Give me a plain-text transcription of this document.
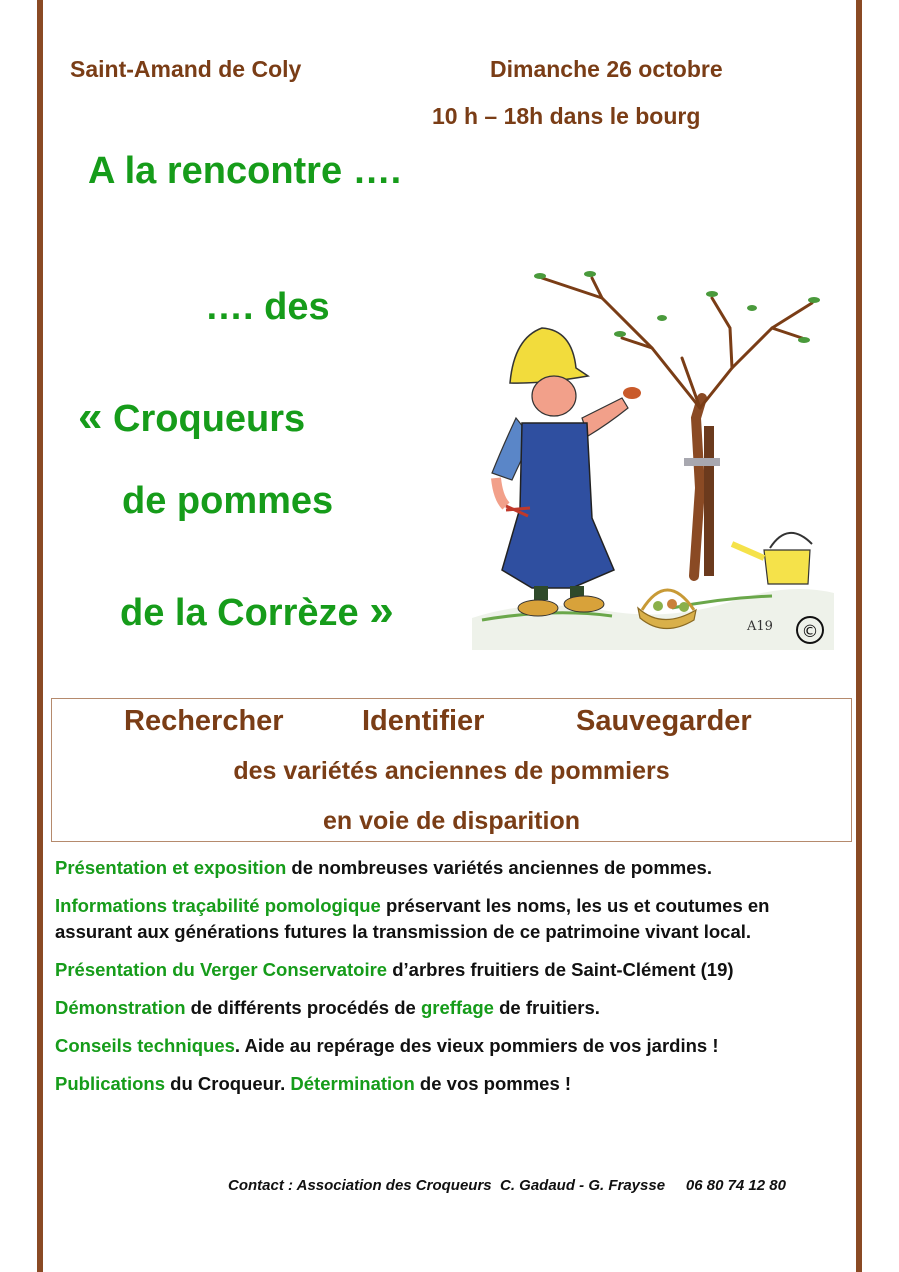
Saint-Amand de Coly	Dimanche 26 octobre
10 h – 18h dans le bourg
A la rencontre ….
…. des
« Croqueurs
de pommes
de la Corrèze »	A19 ©
Rechercher	Identifier	Sauvegarder
des variétés anciennes de pommiers
en voie de disparition

Présentation et exposition de nombreuses variétés anciennes de pommes.

Informations traçabilité pomologique préservant les noms, les us et coutumes en assurant aux générations futures la transmission de ce patrimoine vivant local.

Présentation du Verger Conservatoire d’arbres fruitiers de Saint-Clément (19)

Démonstration de différents procédés de greffage de fruitiers.

Conseils techniques. Aide au repérage des vieux pommiers de vos jardins !

Publications du Croqueur. Détermination de vos pommes !

Contact : Association des Croqueurs  C. Gadaud - G. Fraysse     06 80 74 12 80
